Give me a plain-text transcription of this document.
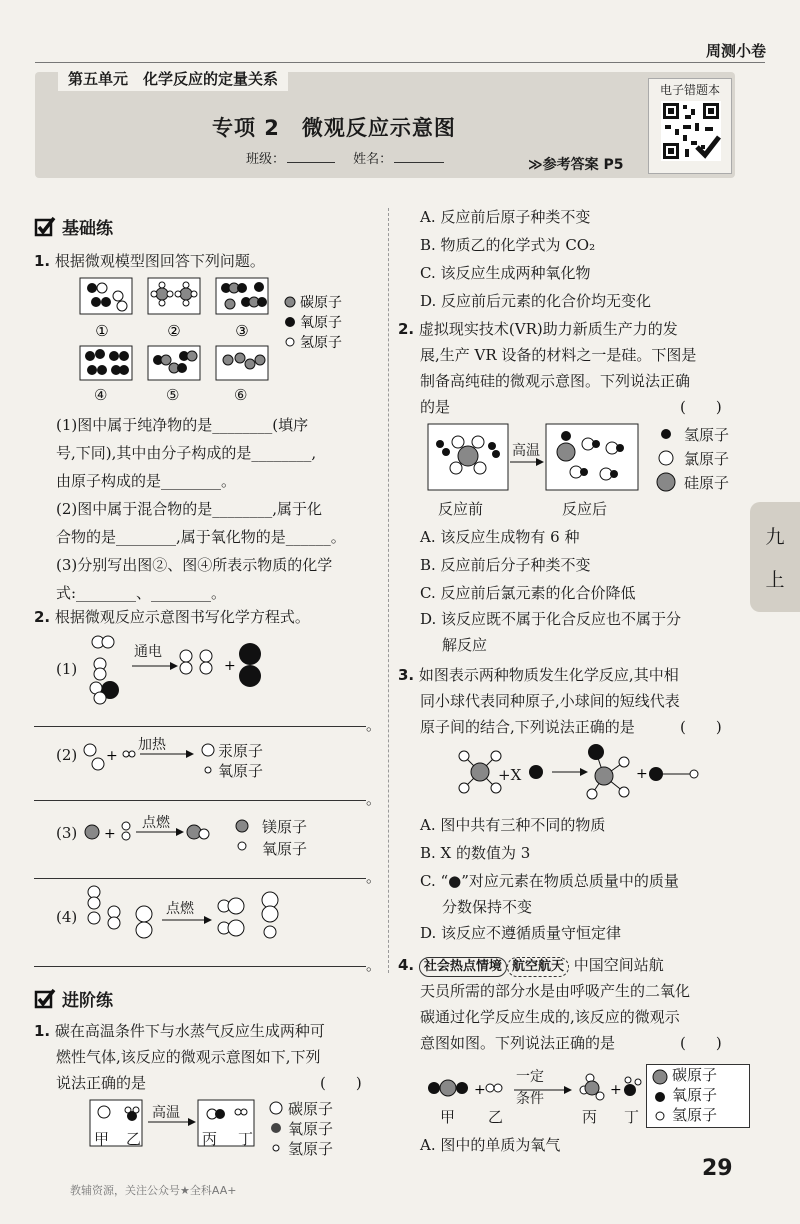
周测小卷
第五单元　化学反应的定量关系
专项 2　微观反应示意图
班级：	姓名：	≫参考答案 P5
电子错题本
基础练
1. 根据微观模型图回答下列问题。
①	②	③
碳原子
氧原子
氢原子
④	⑤	⑥
(1)图中属于纯净物的是________(填序
号,下同),其中由分子构成的是________,
由原子构成的是________。
(2)图中属于混合物的是________,属于化
合物的是________,属于氧化物的是______。
(3)分别写出图②、图④所表示物质的化学
式:________、________。
2. 根据微观反应示意图书写化学方程式。
(1)	+
通电
。
(2) +
加热	汞原子
氧原子
。
(3) +
点燃	镁原子
氧原子
。
(4)	点燃
。
进阶练
1. 碳在高温条件下与水蒸气反应生成两种可
燃性气体,该反应的微观示意图如下,下列
说法正确的是	(　　)
甲 乙	丙 丁
高温	碳原子
氧原子
氢原子
A. 反应前后原子种类不变
B. 物质乙的化学式为 CO₂
C. 该反应生成两种氧化物
D. 反应前后元素的化合价均无变化
2. 虚拟现实技术(VR)助力新质生产力的发
展,生产 VR 设备的材料之一是硅。下图是
制备高纯硅的微观示意图。下列说法正确
的是	(　　)
高温
反应前	反应后
氢原子
氯原子
硅原子
A. 该反应生成物有 6 种
B. 反应前后分子种类不变
C. 反应前后氯元素的化合价降低
D. 该反应既不属于化合反应也不属于分
解反应
3. 如图表示两种物质发生化学反应,其中相
同小球代表同种原子,小球间的短线代表
原子间的结合,下列说法正确的是	(　　)
+
+X
A. 图中共有三种不同的物质
B. X 的数值为 3
C. “●”对应元素在物质总质量中的质量
分数保持不变
D. 该反应不遵循质量守恒定律
4. 社会热点情境 航空航天 中国空间站航
天员所需的部分水是由呼吸产生的二氧化
碳通过化学反应生成的,该反应的微观示
意图如图。下列说法正确的是	(　　)
+	+
一定
条件
甲 乙	丙 丁
碳原子
氧原子
氢原子
A. 图中的单质为氧气
九
上
29
教辅资源，关注公众号★全科AA+
